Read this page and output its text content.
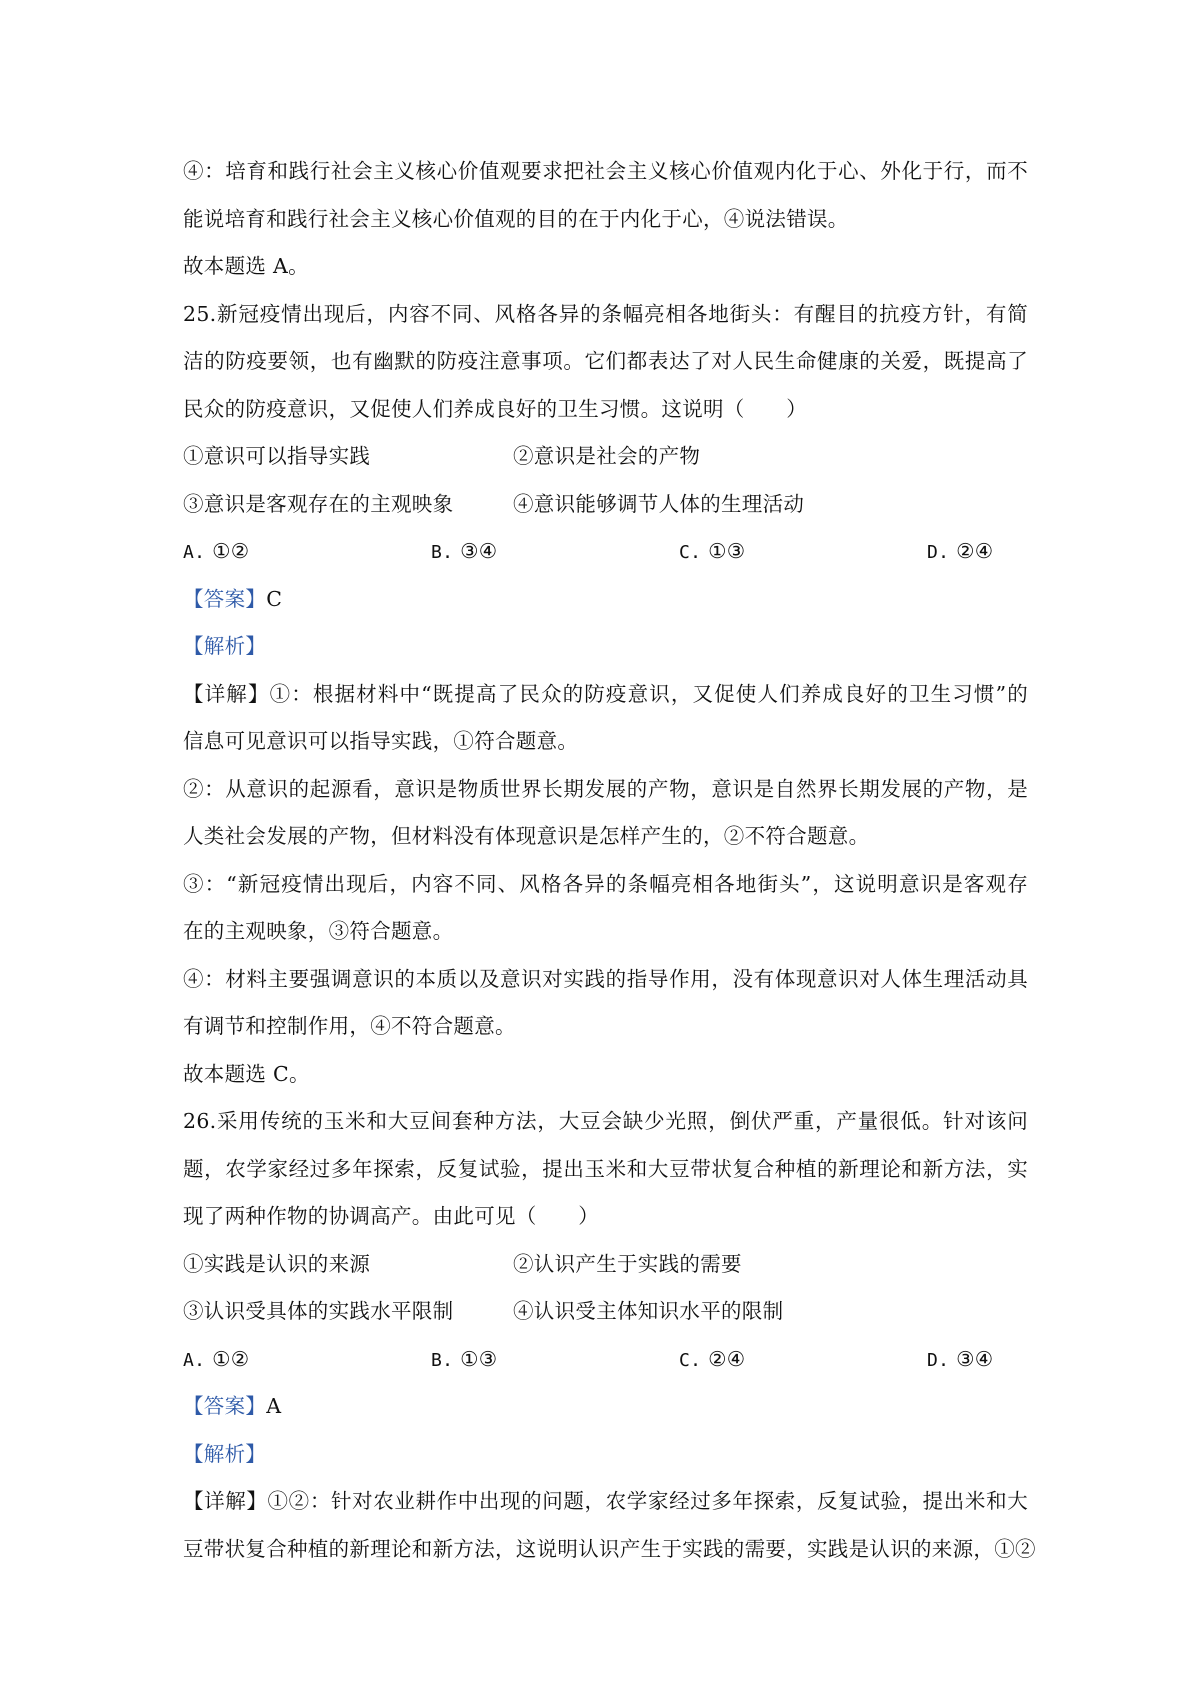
④：培育和践行社会主义核心价值观要求把社会主义核心价值观内化于心、外化于行，而不
能说培育和践行社会主义核心价值观的目的在于内化于心，④说法错误。
故本题选 A。
25.新冠疫情出现后，内容不同、风格各异的条幅亮相各地街头：有醒目的抗疫方针，有简
洁的防疫要领，也有幽默的防疫注意事项。它们都表达了对人民生命健康的关爱，既提高了
民众的防疫意识，又促使人们养成良好的卫生习惯。这说明（　　）
①意识可以指导实践	②意识是社会的产物
③意识是客观存在的主观映象	④意识能够调节人体的生理活动
A. ①②	B. ③④	C. ①③	D. ②④
【答案】C
【解析】
【详解】①：根据材料中“既提高了民众的防疫意识，又促使人们养成良好的卫生习惯”的
信息可见意识可以指导实践，①符合题意。
②：从意识的起源看，意识是物质世界长期发展的产物，意识是自然界长期发展的产物，是
人类社会发展的产物，但材料没有体现意识是怎样产生的，②不符合题意。
③：“新冠疫情出现后，内容不同、风格各异的条幅亮相各地街头”，这说明意识是客观存
在的主观映象，③符合题意。
④：材料主要强调意识的本质以及意识对实践的指导作用，没有体现意识对人体生理活动具
有调节和控制作用，④不符合题意。
故本题选 C。
26.采用传统的玉米和大豆间套种方法，大豆会缺少光照，倒伏严重，产量很低。针对该问
题，农学家经过多年探索，反复试验，提出玉米和大豆带状复合种植的新理论和新方法，实
现了两种作物的协调高产。由此可见（　　）
①实践是认识的来源	②认识产生于实践的需要
③认识受具体的实践水平限制	④认识受主体知识水平的限制
A. ①②	B. ①③	C. ②④	D. ③④
【答案】A
【解析】
【详解】①②：针对农业耕作中出现的问题，农学家经过多年探索，反复试验，提出米和大
豆带状复合种植的新理论和新方法，这说明认识产生于实践的需要，实践是认识的来源，①②
